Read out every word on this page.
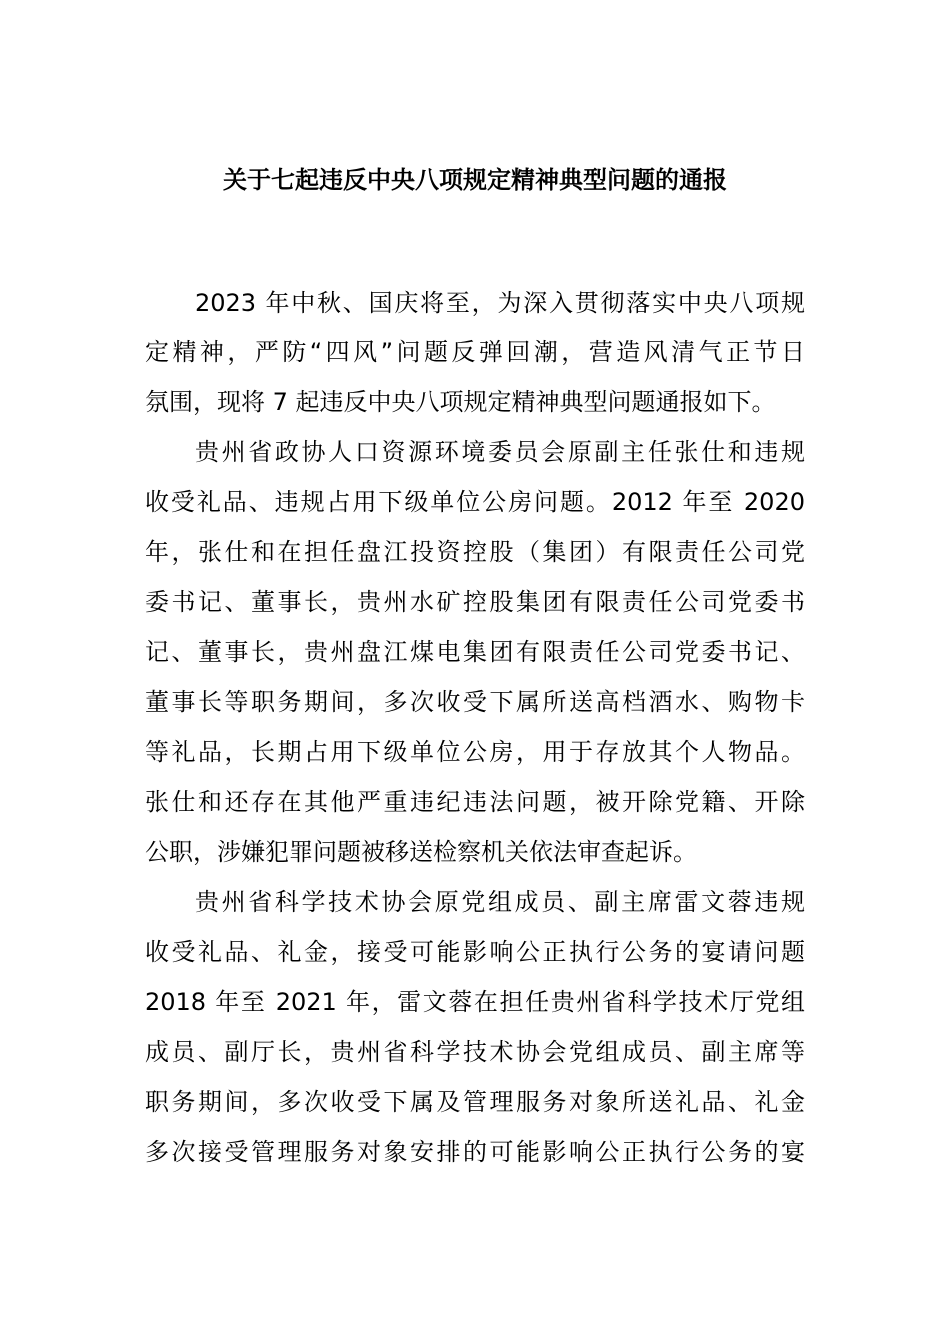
关于七起违反中央八项规定精神典型问题的通报

2023 年中秋、国庆将至，为深入贯彻落实中央八项规

定精神，严防“四风”问题反弹回潮，营造风清气正节日

氛围，现将 7 起违反中央八项规定精神典型问题通报如下。

贵州省政协人口资源环境委员会原副主任张仕和违规

收受礼品、违规占用下级单位公房问题。2012 年至 2020

年，张仕和在担任盘江投资控股（集团）有限责任公司党

委书记、董事长，贵州水矿控股集团有限责任公司党委书

记、董事长，贵州盘江煤电集团有限责任公司党委书记、

董事长等职务期间，多次收受下属所送高档酒水、购物卡

等礼品，长期占用下级单位公房，用于存放其个人物品。

张仕和还存在其他严重违纪违法问题，被开除党籍、开除

公职，涉嫌犯罪问题被移送检察机关依法审查起诉。

贵州省科学技术协会原党组成员、副主席雷文蓉违规

收受礼品、礼金，接受可能影响公正执行公务的宴请问题

2018 年至 2021 年，雷文蓉在担任贵州省科学技术厅党组

成员、副厅长，贵州省科学技术协会党组成员、副主席等

职务期间，多次收受下属及管理服务对象所送礼品、礼金

多次接受管理服务对象安排的可能影响公正执行公务的宴
